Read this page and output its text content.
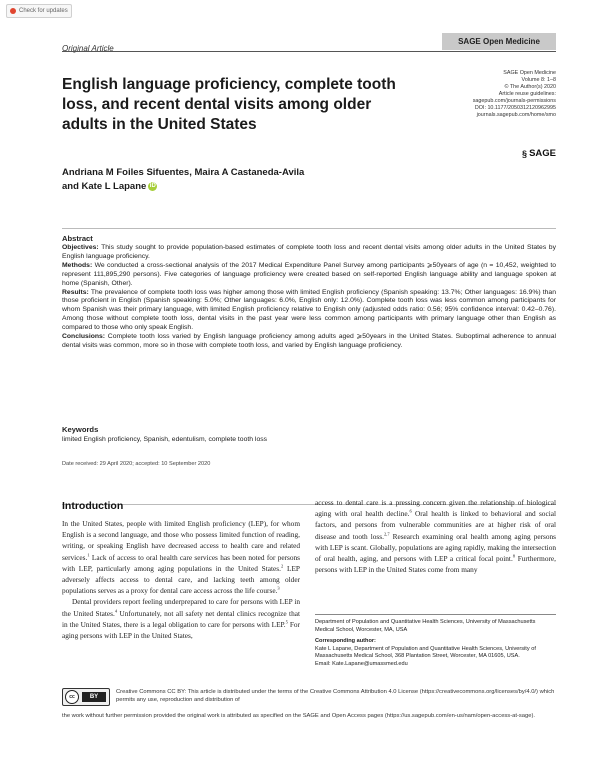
Check for updates
Original Article
SAGE Open Medicine
English language proficiency, complete tooth loss, and recent dental visits among older adults in the United States
SAGE Open Medicine
Volume 8: 1–8
© The Author(s) 2020
Article reuse guidelines:
sagepub.com/journals-permissions
DOI: 10.1177/2050312120962995
journals.sagepub.com/home/smo
§ SAGE
Andriana M Foiles Sifuentes, Maira A Castaneda-Avila
and Kate L Lapane iD
Abstract

Objectives: This study sought to provide population-based estimates of complete tooth loss and recent dental visits among older adults in the United States by English language proficiency.

Methods: We conducted a cross-sectional analysis of the 2017 Medical Expenditure Panel Survey among participants ⩾50years of age (n = 10,452, weighted to represent 111,895,290 persons). Five categories of language proficiency were created based on self-reported English language ability and language spoken at home (Spanish, Other).

Results: The prevalence of complete tooth loss was higher among those with limited English proficiency (Spanish speaking: 13.7%; Other languages: 16.9%) than those proficient in English (Spanish speaking: 5.0%; Other languages: 6.0%, English only: 12.0%). Complete tooth loss was less common among participants for whom Spanish was their primary language, with limited English proficiency relative to English only (adjusted odds ratio: 0.56; 95% confidence interval: 0.42–0.76). Among those without complete tooth loss, dental visits in the past year were less common among participants with primary language other than English as compared to those who only speak English.

Conclusions: Complete tooth loss varied by English language proficiency among adults aged ⩾50years in the United States. Suboptimal adherence to annual dental visits was common, more so in those with complete tooth loss, and varied by English language proficiency.

Keywords
limited English proficiency, Spanish, edentulism, complete tooth loss
Date received: 29 April 2020; accepted: 10 September 2020
Introduction

In the United States, people with limited English proficiency (LEP), for whom English is a second language, and those who possess limited function of reading, writing, or speaking English have decreased access to health care and related services.$^1$ Lack of access to oral health care services has been noted for persons with LEP, particularly among aging populations in the United States.$^2$ LEP adversely affects access to dental care, and lacking teeth among older populations serves as a proxy for dental care access across the life course.$^3$

Dental providers report feeling underprepared to care for persons with LEP in the United States.$^4$ Unfortunately, not all safety net dental clinics recognize that in the United States, there is a legal obligation to care for persons with LEP.$^5$ For aging persons with LEP in the United States,

access to dental care is a pressing concern given the relationship of biological aging with oral health decline.$^6$ Oral health is linked to behavioral and social factors, and persons from vulnerable communities are at higher risk of oral disease and tooth loss.$^{2,7}$ Research examining oral health among aging persons with LEP is scant. Globally, populations are aging rapidly, making the intersection of oral health, aging, and persons with LEP a critical focal point.$^8$ Furthermore, persons with LEP in the United States come from many

Department of Population and Quantitative Health Sciences, University of Massachusetts Medical School, Worcester, MA, USA
Corresponding author:
Kate L Lapane, Department of Population and Quantitative Health Sciences, University of Massachusetts Medical School, 368 Plantation Street, Worcester, MA 01605, USA.
Email: Kate.Lapane@umassmed.edu
cc	BY
Creative Commons CC BY: This article is distributed under the terms of the Creative Commons Attribution 4.0 License (https://creativecommons.org/licenses/by/4.0/) which permits any use, reproduction and distribution of
the work without further permission provided the original work is attributed as specified on the SAGE and Open Access pages (https://us.sagepub.com/en-us/nam/open-access-at-sage).
